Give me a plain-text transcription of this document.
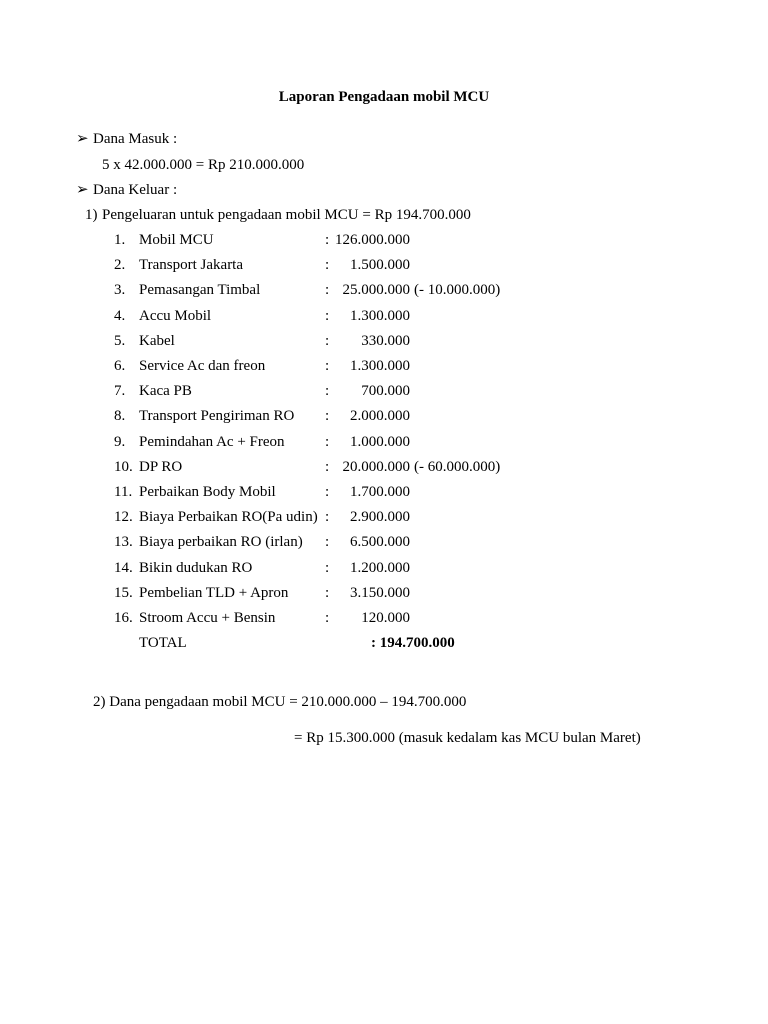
Laporan Pengadaan mobil MCU
➢ Dana Masuk :
5 x 42.000.000 = Rp 210.000.000
➢ Dana Keluar :
1) Pengeluaran untuk pengadaan mobil MCU = Rp 194.700.000
1. Mobil MCU	: 126.000.000
2. Transport Jakarta	: 1.500.000
3. Pemasangan Timbal	: 25.000.000 (- 10.000.000)
4. Accu Mobil	: 1.300.000
5. Kabel	: 330.000
6. Service Ac dan freon	: 1.300.000
7. Kaca PB	: 700.000
8. Transport Pengiriman RO : 2.000.000
9. Pemindahan Ac + Freon	: 1.000.000
10. DP RO	: 20.000.000 (- 60.000.000)
11. Perbaikan Body Mobil	: 1.700.000
12. Biaya Perbaikan RO(Pa udin) : 2.900.000
13. Biaya perbaikan RO (irlan) : 6.500.000
14. Bikin dudukan RO	: 1.200.000
15. Pembelian TLD + Apron : 3.150.000
16. Stroom Accu + Bensin	: 120.000
TOTAL	: 194.700.000
2) Dana pengadaan mobil MCU = 210.000.000 – 194.700.000
= Rp 15.300.000 (masuk kedalam kas MCU bulan Maret)
